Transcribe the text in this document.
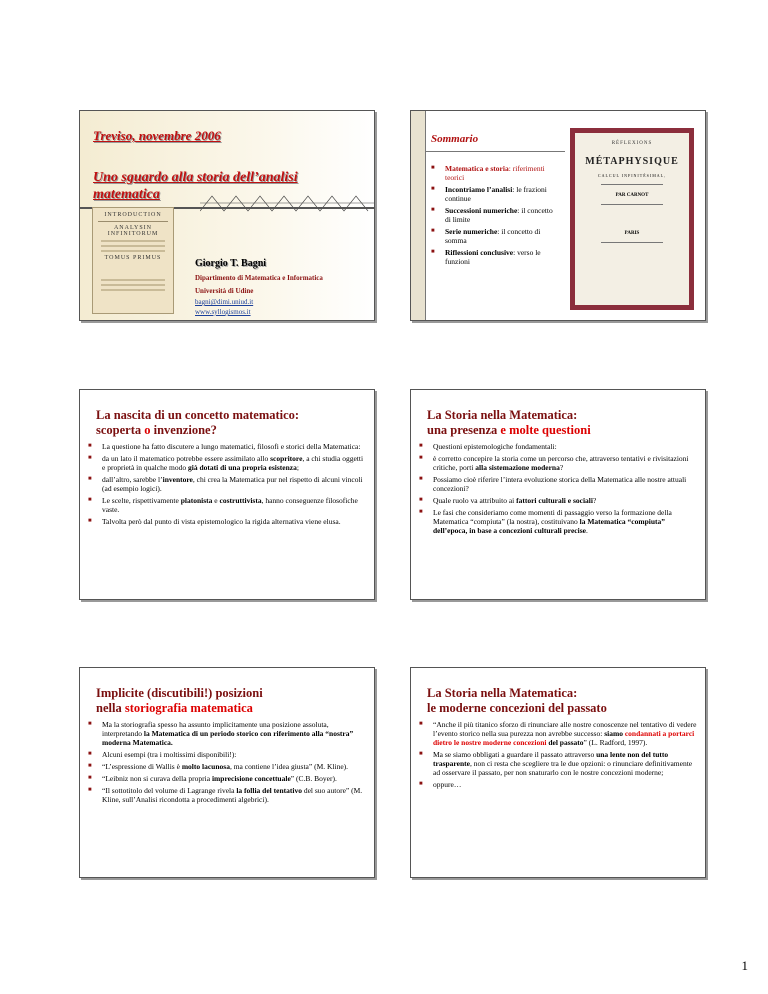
Treviso, novembre 2006
Uno sguardo alla storia dell’analisi matematica
INTRODUCTION
ANALYSIN INFINITORUM
TOMUS PRIMUS	Giorgio T. Bagni
Dipartimento di Matematica e Informatica
Università di Udine
bagni@dimi.uniud.it
www.syllogismos.it
Sommario
■ Matematica e storia: riferimenti teorici
■ Incontriamo l’analisi: le frazioni continue
■ Successioni numeriche: il concetto di limite
■ Serie numeriche: il concetto di somma
■ Riflessioni conclusive: verso le funzioni
RÉFLEXIONS
MÉTAPHYSIQUE
CALCUL INFINITÉSIMAL,
PAR CARNOT
PARIS
La nascita di un concetto matematico:
scoperta o invenzione?
■ La questione ha fatto discutere a lungo matematici, filosofi e storici della Matematica:
■ da un lato il matematico potrebbe essere assimilato allo scopritore, a chi studia oggetti e proprietà in qualche modo già dotati di una propria esistenza;
■ dall’altro, sarebbe l’inventore, chi crea la Matematica pur nel rispetto di alcuni vincoli (ad esempio logici).
■ Le scelte, rispettivamente platonista e costruttivista, hanno conseguenze filosofiche vaste.
■ Talvolta però dal punto di vista epistemologico la rigida alternativa viene elusa.
La Storia nella Matematica:
una presenza e molte questioni
■ Questioni epistemologiche fondamentali:
■ è corretto concepire la storia come un percorso che, attraverso tentativi e rivisitazioni critiche, porti alla sistemazione moderna?
■ Possiamo cioè riferire l’intera evoluzione storica della Matematica alle nostre attuali concezioni?
■ Quale ruolo va attribuito ai fattori culturali e sociali?
■ Le fasi che consideriamo come momenti di passaggio verso la formazione della Matematica “compiuta” (la nostra), costituivano la Matematica “compiuta” dell’epoca, in base a concezioni culturali precise.
Implicite (discutibili!) posizioni
nella storiografia matematica
■ Ma la storiografia spesso ha assunto implicitamente una posizione assoluta, interpretando la Matematica di un periodo storico con riferimento alla “nostra” moderna Matematica.
■ Alcuni esempi (tra i moltissimi disponibili!):
■ “L’espressione di Wallis è molto lacunosa, ma contiene l’idea giusta” (M. Kline).
■ “Leibniz non si curava della propria imprecisione concettuale” (C.B. Boyer).
■ “Il sottotitolo del volume di Lagrange rivela la follia del tentativo del suo autore” (M. Kline, sull’Analisi ricondotta a procedimenti algebrici).
La Storia nella Matematica:
le moderne concezioni del passato
■ “Anche il più titanico sforzo di rinunciare alle nostre conoscenze nel tentativo di vedere l’evento storico nella sua purezza non avrebbe successo: siamo condannati a portarci dietro le nostre moderne concezioni del passato” (L. Radford, 1997).
■ Ma se siamo obbligati a guardare il passato attraverso una lente non del tutto trasparente, non ci resta che scegliere tra le due opzioni: o rinunciare definitivamente ad osservare il passato, per non snaturarlo con le nostre concezioni moderne;
■ oppure…
1
